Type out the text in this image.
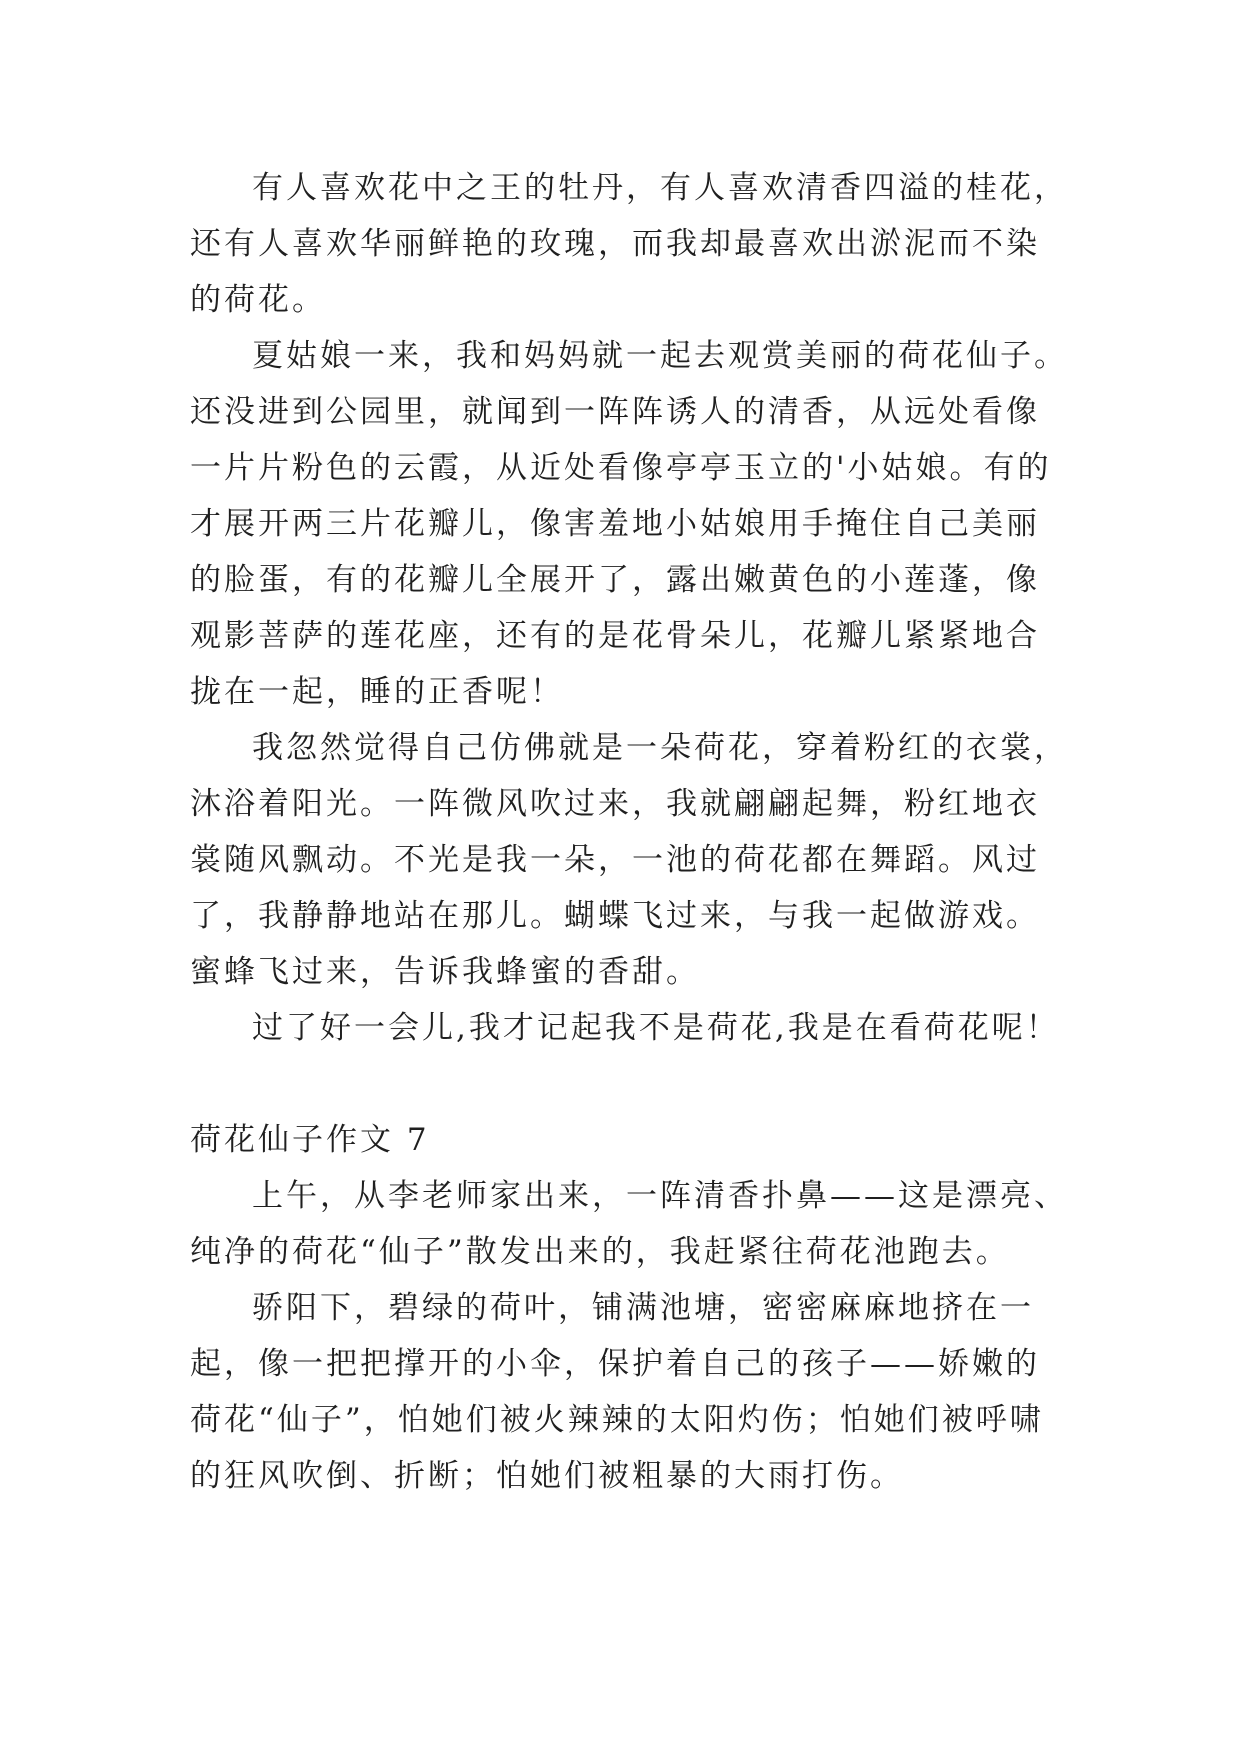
有人喜欢花中之王的牡丹，有人喜欢清香四溢的桂花，还有人喜欢华丽鲜艳的玫瑰，而我却最喜欢出淤泥而不染的荷花。

夏姑娘一来，我和妈妈就一起去观赏美丽的荷花仙子。还没进到公园里，就闻到一阵阵诱人的清香，从远处看像一片片粉色的云霞，从近处看像亭亭玉立的'小姑娘。有的才展开两三片花瓣儿，像害羞地小姑娘用手掩住自己美丽的脸蛋，有的花瓣儿全展开了，露出嫩黄色的小莲蓬，像观影菩萨的莲花座，还有的是花骨朵儿，花瓣儿紧紧地合拢在一起，睡的正香呢！

我忽然觉得自己仿佛就是一朵荷花，穿着粉红的衣裳，沐浴着阳光。一阵微风吹过来，我就翩翩起舞，粉红地衣裳随风飘动。不光是我一朵，一池的荷花都在舞蹈。风过了，我静静地站在那儿。蝴蝶飞过来，与我一起做游戏。蜜蜂飞过来，告诉我蜂蜜的香甜。

过了好一会儿,我才记起我不是荷花,我是在看荷花呢！

荷花仙子作文 7

上午，从李老师家出来，一阵清香扑鼻——这是漂亮、纯净的荷花“仙子”散发出来的，我赶紧往荷花池跑去。

骄阳下，碧绿的荷叶，铺满池塘，密密麻麻地挤在一起，像一把把撑开的小伞，保护着自己的孩子——娇嫩的荷花“仙子”，怕她们被火辣辣的太阳灼伤；怕她们被呼啸的狂风吹倒、折断；怕她们被粗暴的大雨打伤。
